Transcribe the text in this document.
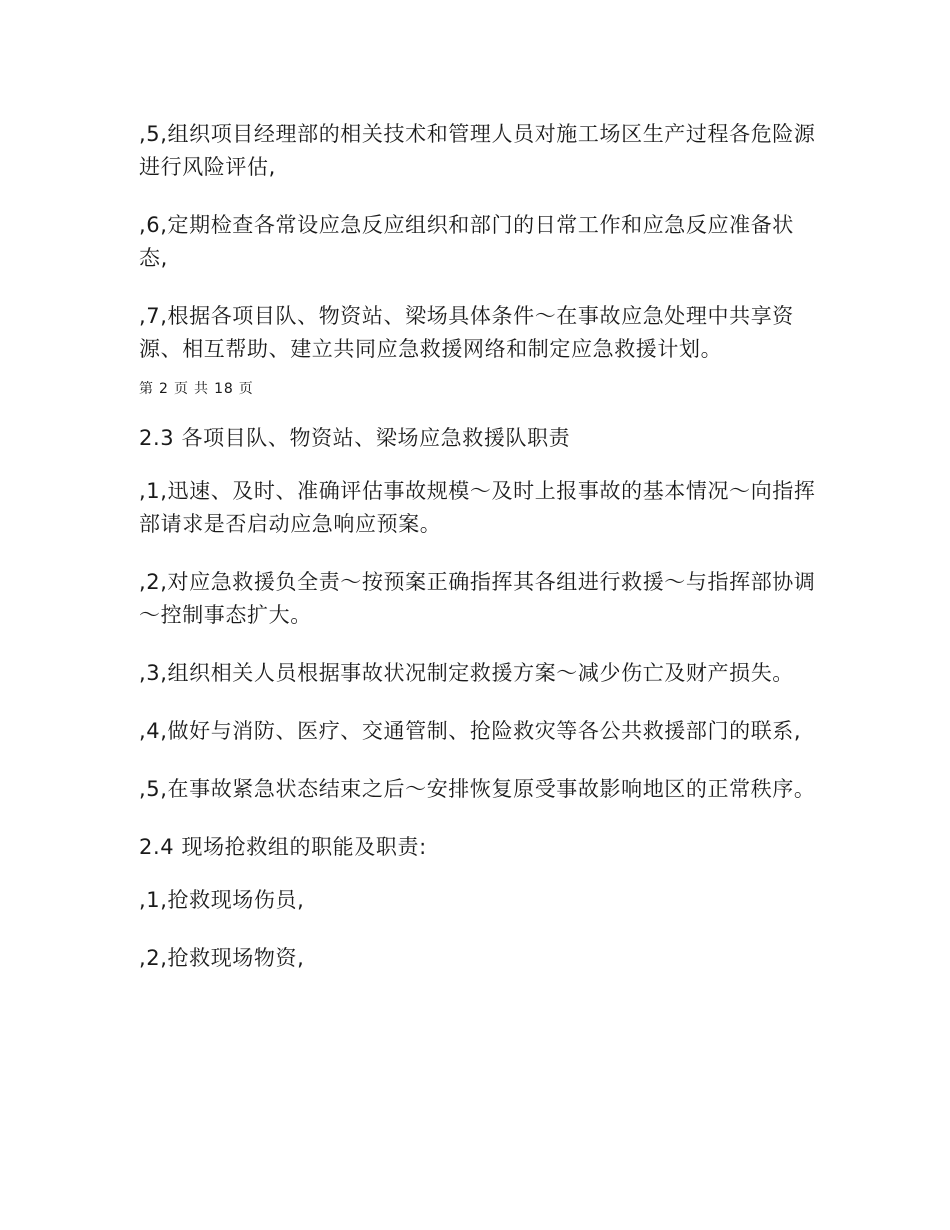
,5,组织项目经理部的相关技术和管理人员对施工场区生产过程各危险源进行风险评估,

,6,定期检查各常设应急反应组织和部门的日常工作和应急反应准备状态,

,7,根据各项目队、物资站、梁场具体条件～在事故应急处理中共享资源、相互帮助、建立共同应急救援网络和制定应急救援计划。

第 2 页 共 18 页

2.3 各项目队、物资站、梁场应急救援队职责

,1,迅速、及时、准确评估事故规模～及时上报事故的基本情况～向指挥部请求是否启动应急响应预案。

,2,对应急救援负全责～按预案正确指挥其各组进行救援～与指挥部协调～控制事态扩大。

,3,组织相关人员根据事故状况制定救援方案～减少伤亡及财产损失。

,4,做好与消防、医疗、交通管制、抢险救灾等各公共救援部门的联系,

,5,在事故紧急状态结束之后～安排恢复原受事故影响地区的正常秩序。

2.4 现场抢救组的职能及职责:

,1,抢救现场伤员,

,2,抢救现场物资,
